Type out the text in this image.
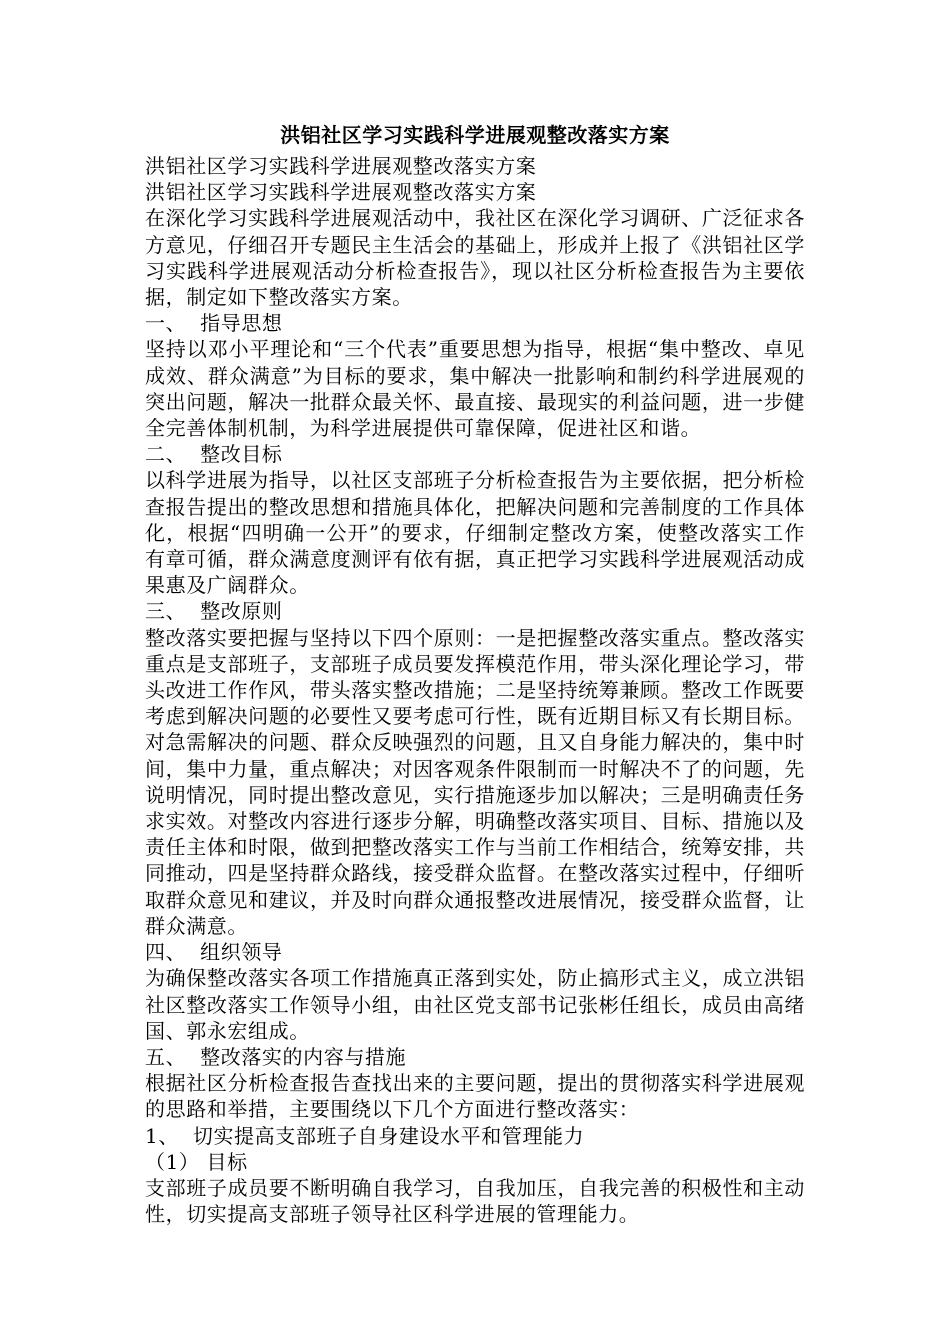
洪铝社区学习实践科学进展观整改落实方案

洪铝社区学习实践科学进展观整改落实方案

洪铝社区学习实践科学进展观整改落实方案

在深化学习实践科学进展观活动中，我社区在深化学习调研、广泛征求各方意见，仔细召开专题民主生活会的基础上，形成并上报了《洪铝社区学习实践科学进展观活动分析检查报告》，现以社区分析检查报告为主要依据，制定如下整改落实方案。

一、  指导思想

坚持以邓小平理论和“三个代表”重要思想为指导，根据“集中整改、卓见成效、群众满意”为目标的要求，集中解决一批影响和制约科学进展观的突出问题，解决一批群众最关怀、最直接、最现实的利益问题，进一步健全完善体制机制，为科学进展提供可靠保障，促进社区和谐。

二、  整改目标

以科学进展为指导，以社区支部班子分析检查报告为主要依据，把分析检查报告提出的整改思想和措施具体化，把解决问题和完善制度的工作具体化，根据“四明确一公开”的要求，仔细制定整改方案，使整改落实工作有章可循，群众满意度测评有依有据，真正把学习实践科学进展观活动成果惠及广阔群众。

三、  整改原则

整改落实要把握与坚持以下四个原则：一是把握整改落实重点。整改落实重点是支部班子，支部班子成员要发挥模范作用，带头深化理论学习，带头改进工作作风，带头落实整改措施；二是坚持统筹兼顾。整改工作既要考虑到解决问题的必要性又要考虑可行性，既有近期目标又有长期目标。对急需解决的问题、群众反映强烈的问题，且又自身能力解决的，集中时间，集中力量，重点解决；对因客观条件限制而一时解决不了的问题，先说明情况，同时提出整改意见，实行措施逐步加以解决；三是明确责任务求实效。对整改内容进行逐步分解，明确整改落实项目、目标、措施以及责任主体和时限，做到把整改落实工作与当前工作相结合，统筹安排，共同推动，四是坚持群众路线，接受群众监督。在整改落实过程中，仔细听取群众意见和建议，并及时向群众通报整改进展情况，接受群众监督，让群众满意。

四、  组织领导

为确保整改落实各项工作措施真正落到实处，防止搞形式主义，成立洪铝社区整改落实工作领导小组，由社区党支部书记张彬任组长，成员由高绪国、郭永宏组成。

五、  整改落实的内容与措施

根据社区分析检查报告查找出来的主要问题，提出的贯彻落实科学进展观的思路和举措，主要围绕以下几个方面进行整改落实：

1、  切实提高支部班子自身建设水平和管理能力

（1） 目标

支部班子成员要不断明确自我学习，自我加压，自我完善的积极性和主动性，切实提高支部班子领导社区科学进展的管理能力。
